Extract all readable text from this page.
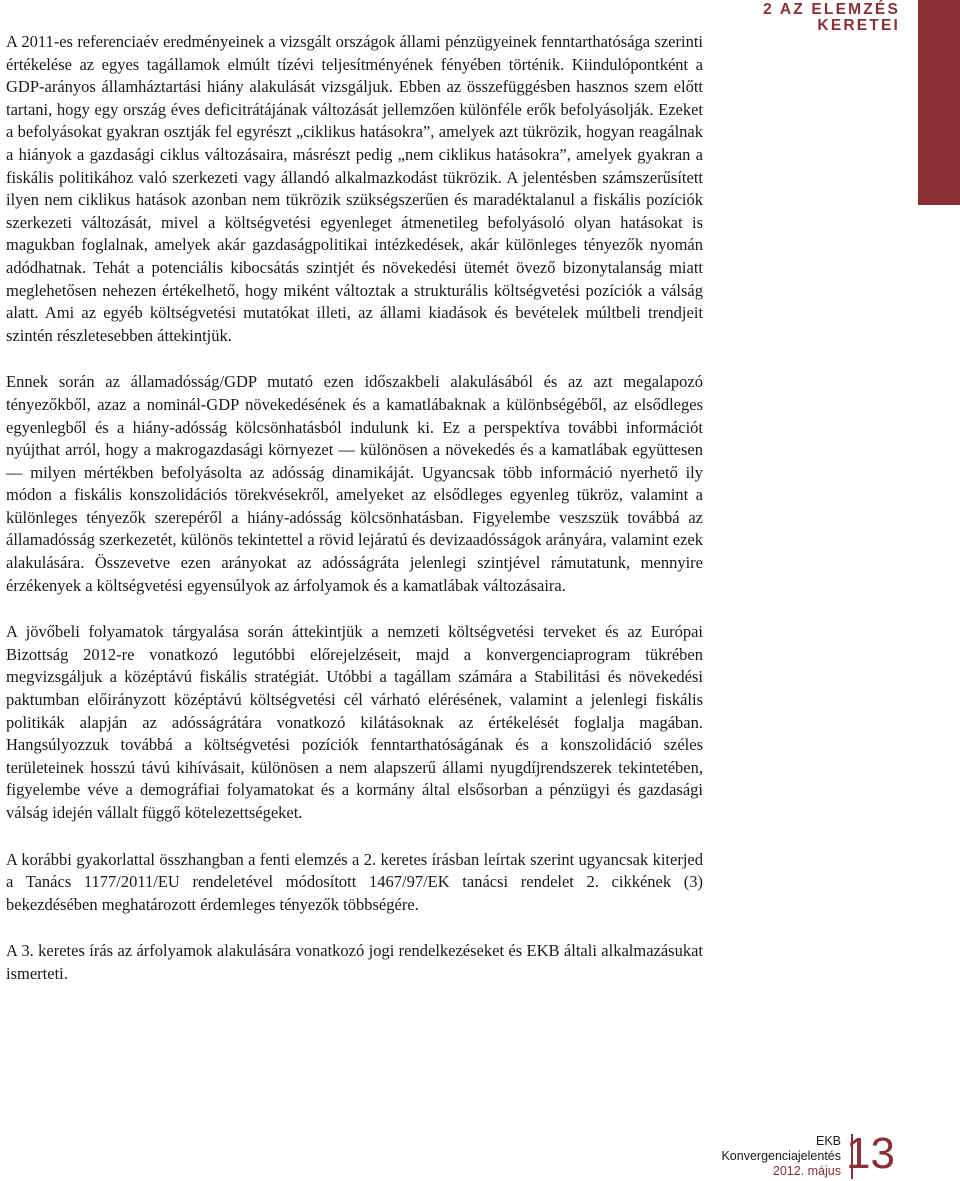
2 AZ ELEMZÉS
KERETEI

A 2011-es referenciaév eredményeinek a vizsgált országok állami pénzügyeinek fenntarthatósága szerinti értékelése az egyes tagállamok elmúlt tízévi teljesítményének fényében történik. Kiindulópontként a GDP-arányos államháztartási hiány alakulását vizsgáljuk. Ebben az összefüggésben hasznos szem előtt tartani, hogy egy ország éves deficitrátájának változását jellemzően különféle erők befolyásolják. Ezeket a befolyásokat gyakran osztják fel egyrészt „ciklikus hatásokra”, amelyek azt tükrözik, hogyan reagálnak a hiányok a gazdasági ciklus változásaira, másrészt pedig „nem ciklikus hatásokra”, amelyek gyakran a fiskális politikához való szerkezeti vagy állandó alkalmazkodást tükrözik. A jelentésben számszerűsített ilyen nem ciklikus hatások azonban nem tükrözik szükségszerűen és maradéktalanul a fiskális pozíciók szerkezeti változását, mivel a költségvetési egyenleget átmenetileg befolyásoló olyan hatásokat is magukban foglalnak, amelyek akár gazdaságpolitikai intézkedések, akár különleges tényezők nyomán adódhatnak. Tehát a potenciális kibocsátás szintjét és növekedési ütemét övező bizonytalanság miatt meglehetősen nehezen értékelhető, hogy miként változtak a strukturális költségvetési pozíciók a válság alatt. Ami az egyéb költségvetési mutatókat illeti, az állami kiadások és bevételek múltbeli trendjeit szintén részletesebben áttekintjük.

Ennek során az államadósság/GDP mutató ezen időszakbeli alakulásából és az azt megalapozó tényezőkből, azaz a nominál-GDP növekedésének és a kamatlábaknak a különbségéből, az elsődleges egyenlegből és a hiány-adósság kölcsönhatásból indulunk ki. Ez a perspektíva további információt nyújthat arról, hogy a makrogazdasági környezet — különösen a növekedés és a kamatlábak együttesen — milyen mértékben befolyásolta az adósság dinamikáját. Ugyancsak több információ nyerhető ily módon a fiskális konszolidációs törekvésekről, amelyeket az elsődleges egyenleg tükröz, valamint a különleges tényezők szerepéről a hiány-adósság kölcsönhatásban. Figyelembe veszszük továbbá az államadósság szerkezetét, különös tekintettel a rövid lejáratú és devizaadósságok arányára, valamint ezek alakulására. Összevetve ezen arányokat az adósságráta jelenlegi szintjével rámutatunk, mennyire érzékenyek a költségvetési egyensúlyok az árfolyamok és a kamatlábak változásaira.

A jövőbeli folyamatok tárgyalása során áttekintjük a nemzeti költségvetési terveket és az Európai Bizottság 2012-re vonatkozó legutóbbi előrejelzéseit, majd a konvergenciaprogram tükrében megvizsgáljuk a középtávú fiskális stratégiát. Utóbbi a tagállam számára a Stabilitási és növekedési paktumban előirányzott középtávú költségvetési cél várható elérésének, valamint a jelenlegi fiskális politikák alapján az adósságrátára vonatkozó kilátásoknak az értékelését foglalja magában. Hangsúlyozzuk továbbá a költségvetési pozíciók fenntarthatóságának és a konszolidáció széles területeinek hosszú távú kihívásait, különösen a nem alapszerű állami nyugdíjrendszerek tekintetében, figyelembe véve a demográfiai folyamatokat és a kormány által elsősorban a pénzügyi és gazdasági válság idején vállalt függő kötelezettségeket.

A korábbi gyakorlattal összhangban a fenti elemzés a 2. keretes írásban leírtak szerint ugyancsak kiterjed a Tanács 1177/2011/EU rendeletével módosított 1467/97/EK tanácsi rendelet 2. cikkének (3) bekezdésében meghatározott érdemleges tényezők többségére.

A 3. keretes írás az árfolyamok alakulására vonatkozó jogi rendelkezéseket és EKB általi alkalmazásukat ismerteti.

EKB
Konvergenciajelentés
2012. május 13
